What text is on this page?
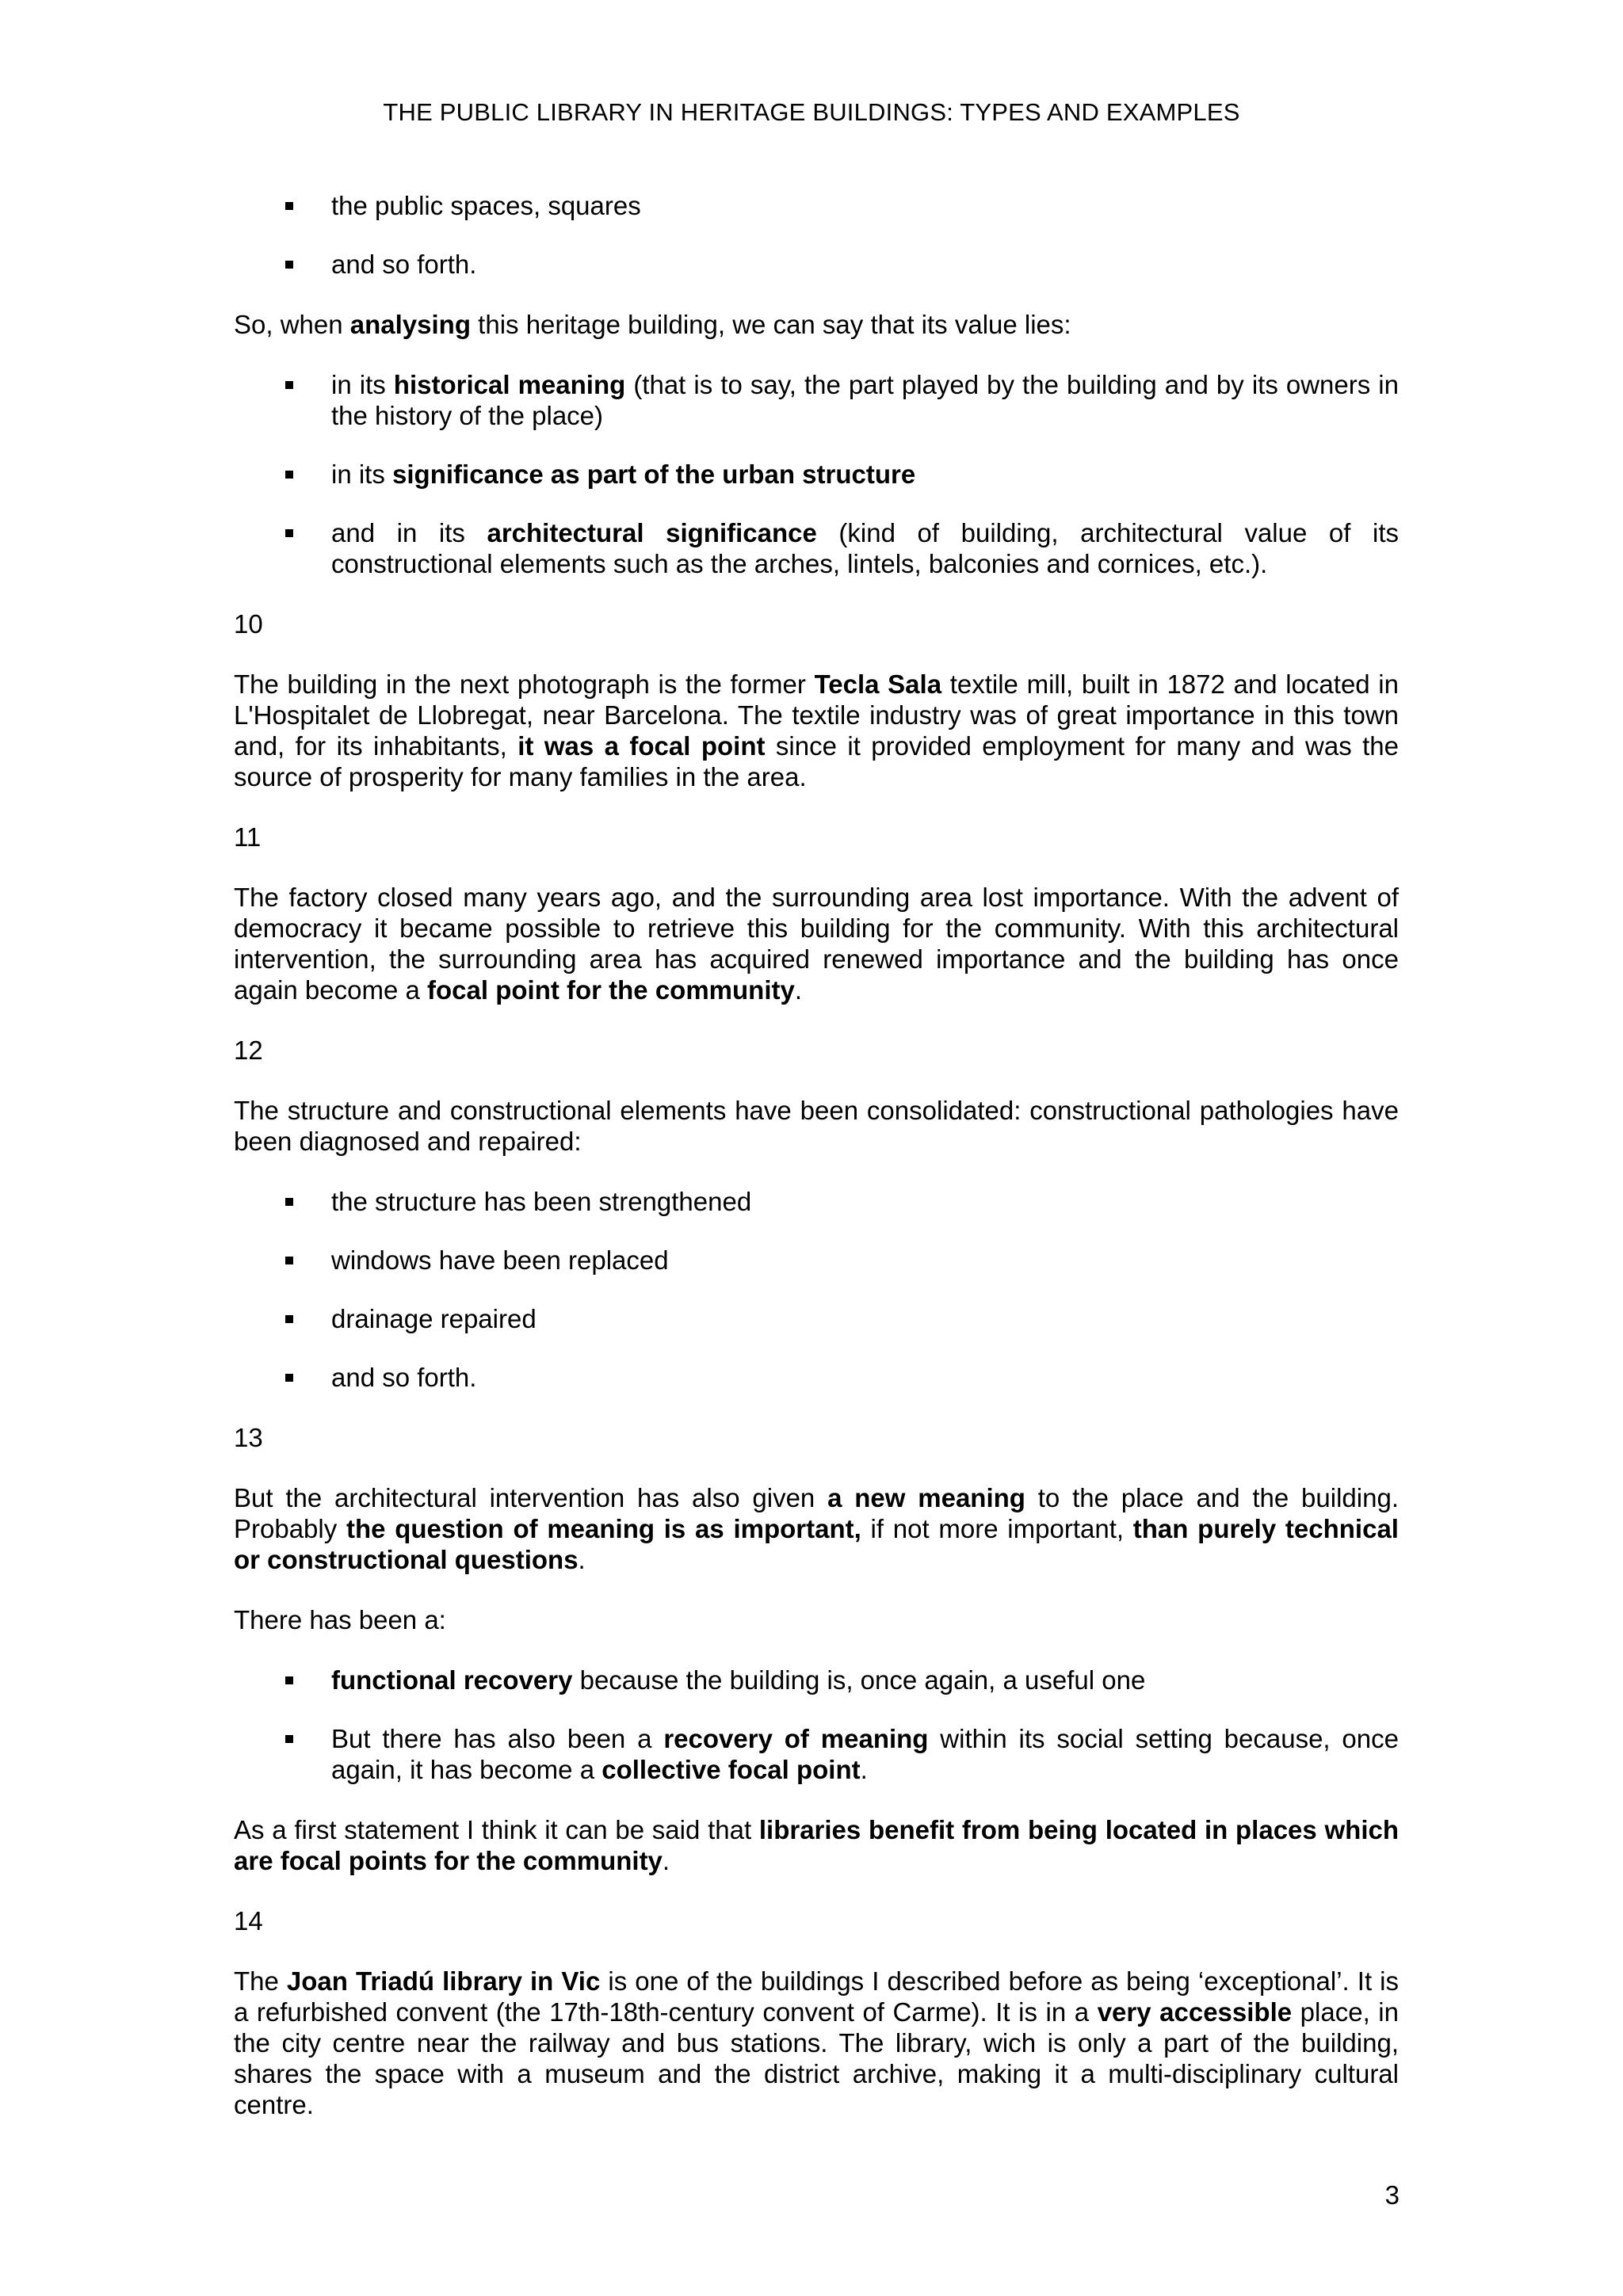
THE PUBLIC LIBRARY IN HERITAGE BUILDINGS: TYPES AND EXAMPLES
the public spaces, squares
and so forth.

So, when analysing this heritage building, we can say that its value lies:

in its historical meaning (that is to say, the part played by the building and by its owners in the history of the place)
in its significance as part of the urban structure
and in its architectural significance (kind of building, architectural value of its constructional elements such as the arches, lintels, balconies and cornices, etc.).
10

The building in the next photograph is the former Tecla Sala textile mill, built in 1872 and located in L'Hospitalet de Llobregat, near Barcelona. The textile industry was of great importance in this town and, for its inhabitants, it was a focal point since it provided employment for many and was the source of prosperity for many families in the area.

11

The factory closed many years ago, and the surrounding area lost importance. With the advent of democracy it became possible to retrieve this building for the community. With this architectural intervention, the surrounding area has acquired renewed importance and the building has once again become a focal point for the community.

12

The structure and constructional elements have been consolidated: constructional pathologies have been diagnosed and repaired:

the structure has been strengthened
windows have been replaced
drainage repaired
and so forth.
13

But the architectural intervention has also given a new meaning to the place and the building. Probably the question of meaning is as important, if not more important, than purely technical or constructional questions.

There has been a:

functional recovery because the building is, once again, a useful one
But there has also been a recovery of meaning within its social setting because, once again, it has become a collective focal point.

As a first statement I think it can be said that libraries benefit from being located in places which are focal points for the community.

14

The Joan Triadú library in Vic is one of the buildings I described before as being ‘exceptional’. It is a refurbished convent (the 17th-18th-century convent of Carme). It is in a very accessible place, in the city centre near the railway and bus stations. The library, wich is only a part of the building, shares the space with a museum and the district archive, making it a multi-disciplinary cultural centre.

3
